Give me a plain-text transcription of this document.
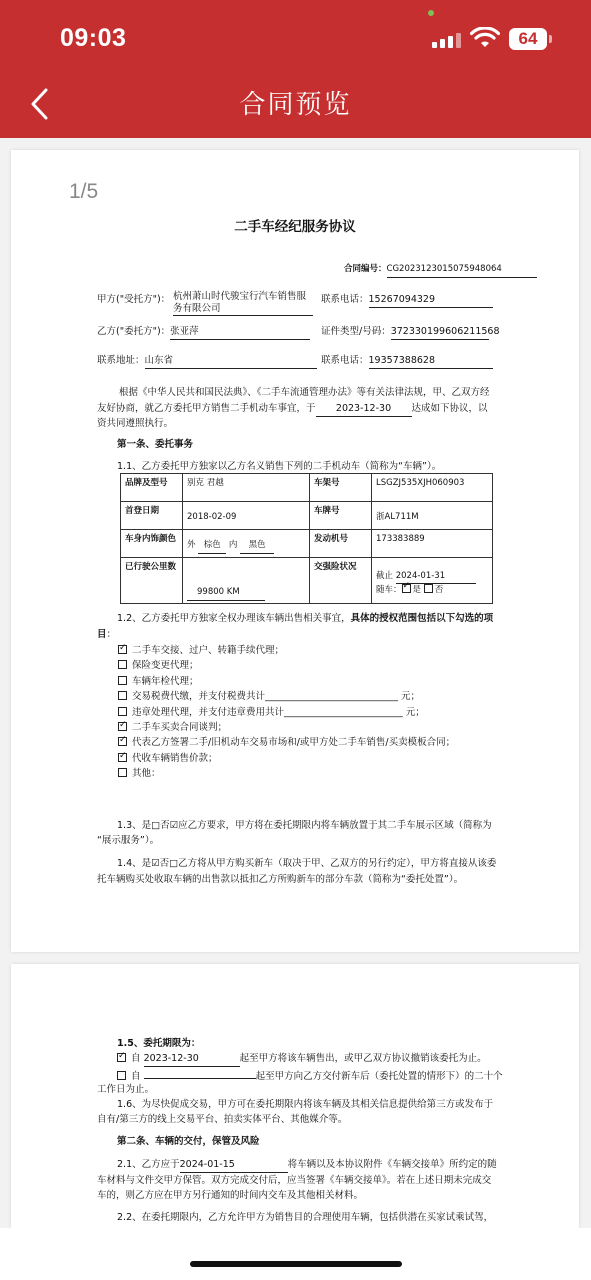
09:03	64
合同预览
1/5
二手车经纪服务协议
合同编号：CG2023123015075948064
甲方("受托方")： 杭州萧山时代骏宝行汽车销售服
务有限公司
联系电话：15267094329
乙方("委托方")：张亚萍	证件类型/号码：372330199606211568
联系地址：山东省	联系电话：19357388628
根据《中华人民共和国民法典》、《二手车流通管理办法》等有关法律法规，甲、乙双方经
友好协商，就乙方委托甲方销售二手机动车事宜，于 2023-12-30 达成如下协议，以
资共同遵照执行。
第一条、委托事务
1.1、乙方委托甲方独家以乙方名义销售下列的二手机动车（简称为“车辆”）。
品牌及型号	别克 君越	车架号	LSGZJ535XJH060903
首登日期	2018-02-09	车牌号	浙AL711M
车身内饰颜色	外 棕色 内 黑色	发动机号	173383889
已行驶公里数	99800 KM	交强险状况	截止 2024-01-31
随车： ✓ 是 否
1.2、乙方委托甲方独家全权办理该车辆出售相关事宜，具体的授权范围包括以下勾选的项
目：
✓ 二手车交接、过户、转籍手续代理；
保险变更代理；
车辆年检代理；
交易税费代缴，并支付税费共计____________________________ 元；
违章处理代理，并支付违章费用共计_________________________ 元；
✓ 二手车买卖合同谈判；
✓ 代表乙方签署二手/旧机动车交易市场和/或甲方处二手车销售/买卖模板合同；
✓ 代收车辆销售价款；
其他：
1.3、是□否☑应乙方要求，甲方将在委托期限内将车辆放置于其二手车展示区域（简称为
“展示服务”）。
1.4、是☑否□乙方将从甲方购买新车（取决于甲、乙双方的另行约定），甲方将直接从该委
托车辆购买处收取车辆的出售款以抵扣乙方所购新车的部分车款（简称为“委托处置”）。
1.5、委托期限为：
✓ 自 2023-12-30	起至甲方将该车辆售出，或甲乙双方协议撤销该委托为止。
自	起至甲方向乙方交付新车后（委托处置的情形下）的二十个
工作日为止。
1.6、为尽快促成交易，甲方可在委托期限内将该车辆及其相关信息提供给第三方或发布于
自有/第三方的线上交易平台、拍卖实体平台、其他媒介等。
第二条、车辆的交付，保管及风险
2.1、乙方应于2024-01-15	将车辆以及本协议附件《车辆交接单》所约定的随
车材料与文件交甲方保管。双方完成交付后，应当签署《车辆交接单》。若在上述日期未完成交
车的，则乙方应在甲方另行通知的时间内交车及其他相关材料。
2.2、在委托期限内，乙方允许甲方为销售目的合理使用车辆，包括供潜在买家试乘试驾，
